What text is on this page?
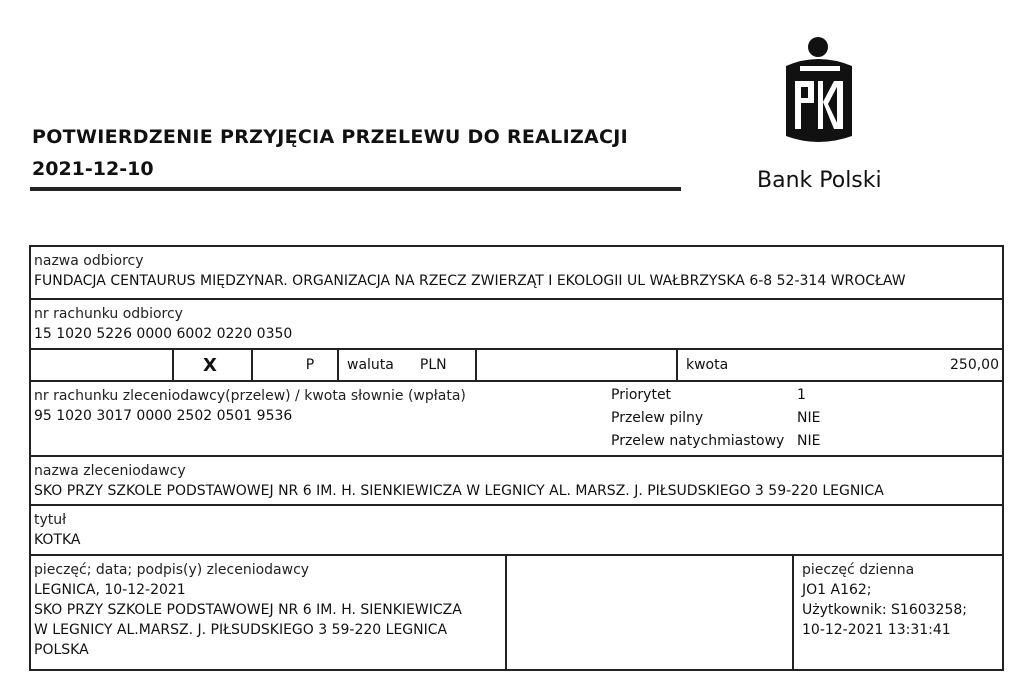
POTWIERDZENIE PRZYJĘCIA PRZELEWU DO REALIZACJI
2021-12-10	Bank Polski
nazwa odbiorcy
FUNDACJA CENTAURUS MIĘDZYNAR. ORGANIZACJA NA RZECZ ZWIERZĄT I EKOLOGII UL WAŁBRZYSKA 6-8 52-314 WROCŁAW
nr rachunku odbiorcy
15 1020 5226 0000 6002 0220 0350
X	P waluta PLN	kwota	250,00
nr rachunku zleceniodawcy(przelew) / kwota słownie (wpłata)
95 1020 3017 0000 2502 0501 9536
Priorytet	1
Przelew pilny	NIE
Przelew natychmiastowy NIE
nazwa zleceniodawcy
SKO PRZY SZKOLE PODSTAWOWEJ NR 6 IM. H. SIENKIEWICZA W LEGNICY AL. MARSZ. J. PIŁSUDSKIEGO 3 59-220 LEGNICA
tytuł
KOTKA
pieczęć; data; podpis(y) zleceniodawcy
LEGNICA, 10-12-2021
SKO PRZY SZKOLE PODSTAWOWEJ NR 6 IM. H. SIENKIEWICZA
W LEGNICY AL.MARSZ. J. PIŁSUDSKIEGO 3 59-220 LEGNICA
POLSKA
pieczęć dzienna
JO1 A162;
Użytkownik: S1603258;
10-12-2021 13:31:41
